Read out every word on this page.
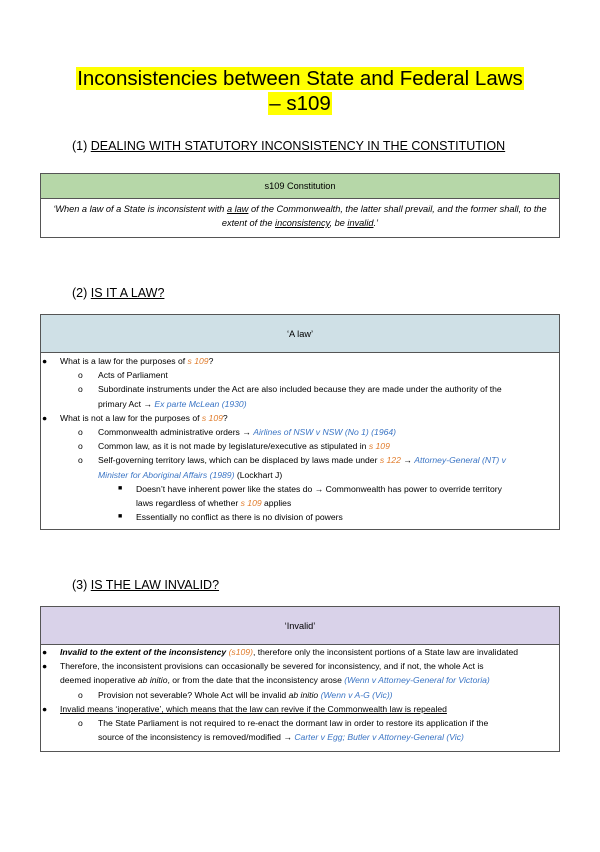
Inconsistencies between State and Federal Laws
– s109
(1) DEALING WITH STATUTORY INCONSISTENCY IN THE CONSTITUTION
s109 Constitution
‘When a law of a State is inconsistent with a law of the Commonwealth, the latter shall prevail, and the former shall, to the
extent of the inconsistency, be invalid.’
(2) IS IT A LAW?
‘A law’
● What is a law for the purposes of s 109?
o Acts of Parliament
o Subordinate instruments under the Act are also included because they are made under the authority of the
primary Act → Ex parte McLean (1930)
● What is not a law for the purposes of s 109?
o Commonwealth administrative orders → Airlines of NSW v NSW (No 1) (1964)
o Common law, as it is not made by legislature/executive as stipulated in s 109
o Self-governing territory laws, which can be displaced by laws made under s 122 → Attorney-General (NT) v
Minister for Aboriginal Affairs (1989) (Lockhart J)
■ Doesn’t have inherent power like the states do → Commonwealth has power to override territory
laws regardless of whether s 109 applies
■ Essentially no conflict as there is no division of powers
(3) IS THE LAW INVALID?
‘Invalid’
● Invalid to the extent of the inconsistency (s109), therefore only the inconsistent portions of a State law are invalidated
● Therefore, the inconsistent provisions can occasionally be severed for inconsistency, and if not, the whole Act is
deemed inoperative ab initio, or from the date that the inconsistency arose (Wenn v Attorney-General for Victoria)
o Provision not severable? Whole Act will be invalid ab initio (Wenn v A-G (Vic))
● Invalid means ‘inoperative’, which means that the law can revive if the Commonwealth law is repealed
o The State Parliament is not required to re-enact the dormant law in order to restore its application if the
source of the inconsistency is removed/modified → Carter v Egg; Butler v Attorney-General (Vic)
